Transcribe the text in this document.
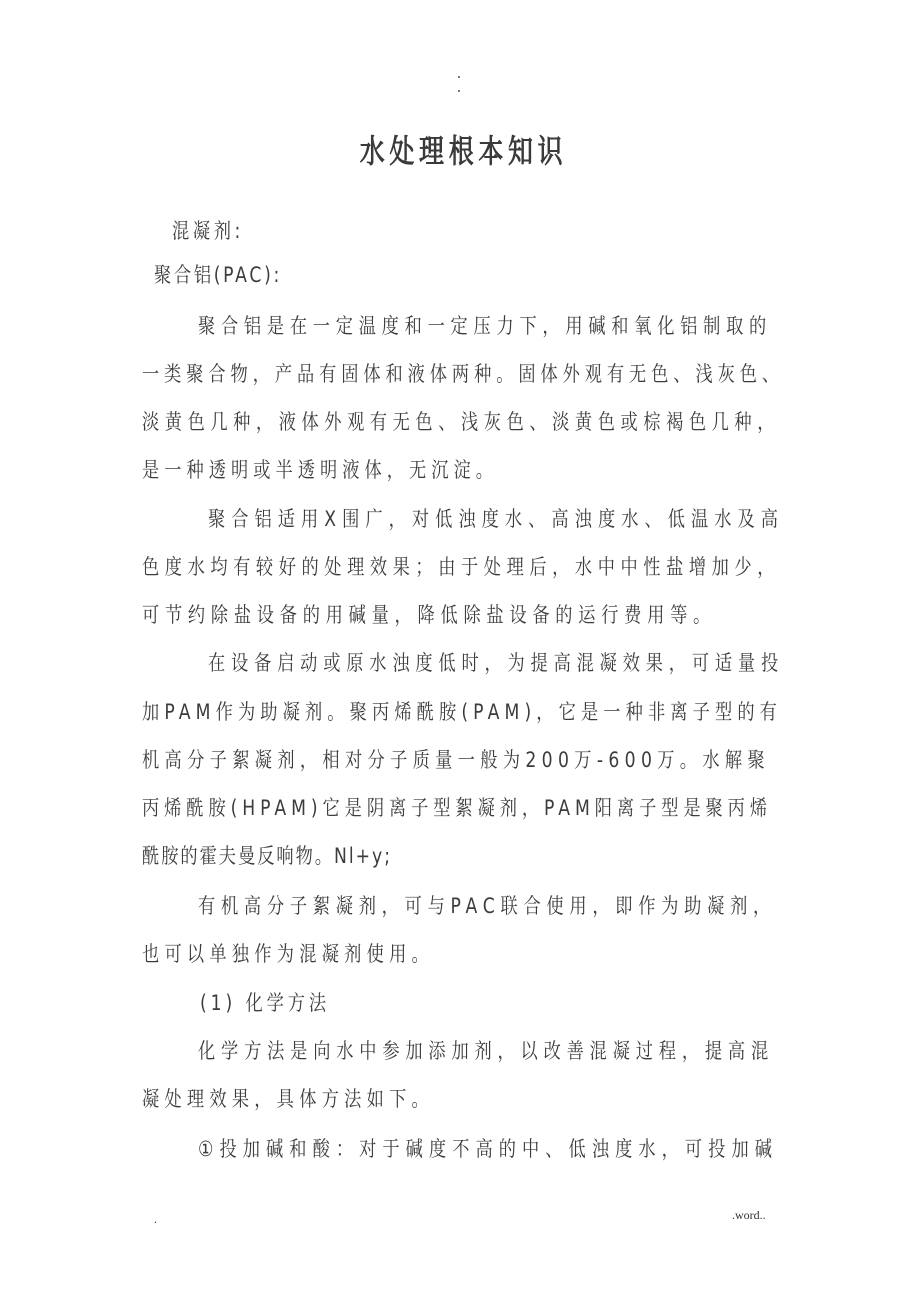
水处理根本知识
混凝剂:
聚合铝(PAC):
聚合铝是在一定温度和一定压力下，用碱和氧化铝制取的
一类聚合物，产品有固体和液体两种。固体外观有无色、浅灰色、
淡黄色几种，液体外观有无色、浅灰色、淡黄色或棕褐色几种，
是一种透明或半透明液体，无沉淀。
聚合铝适用X围广，对低浊度水、高浊度水、低温水及高
色度水均有较好的处理效果；由于处理后，水中中性盐增加少，
可节约除盐设备的用碱量，降低除盐设备的运行费用等。
在设备启动或原水浊度低时，为提高混凝效果，可适量投
加PAM作为助凝剂。聚丙烯酰胺(PAM)，它是一种非离子型的有
机高分子絮凝剂，相对分子质量一般为200万-600万。水解聚
丙烯酰胺(HPAM)它是阴离子型絮凝剂，PAM阳离子型是聚丙烯
酰胺的霍夫曼反响物。Nl+y;
有机高分子絮凝剂，可与PAC联合使用，即作为助凝剂，
也可以单独作为混凝剂使用。
(1) 化学方法
化学方法是向水中参加添加剂，以改善混凝过程，提高混
凝处理效果，具体方法如下。
①投加碱和酸：对于碱度不高的中、低浊度水，可投加碱
.	.word..
